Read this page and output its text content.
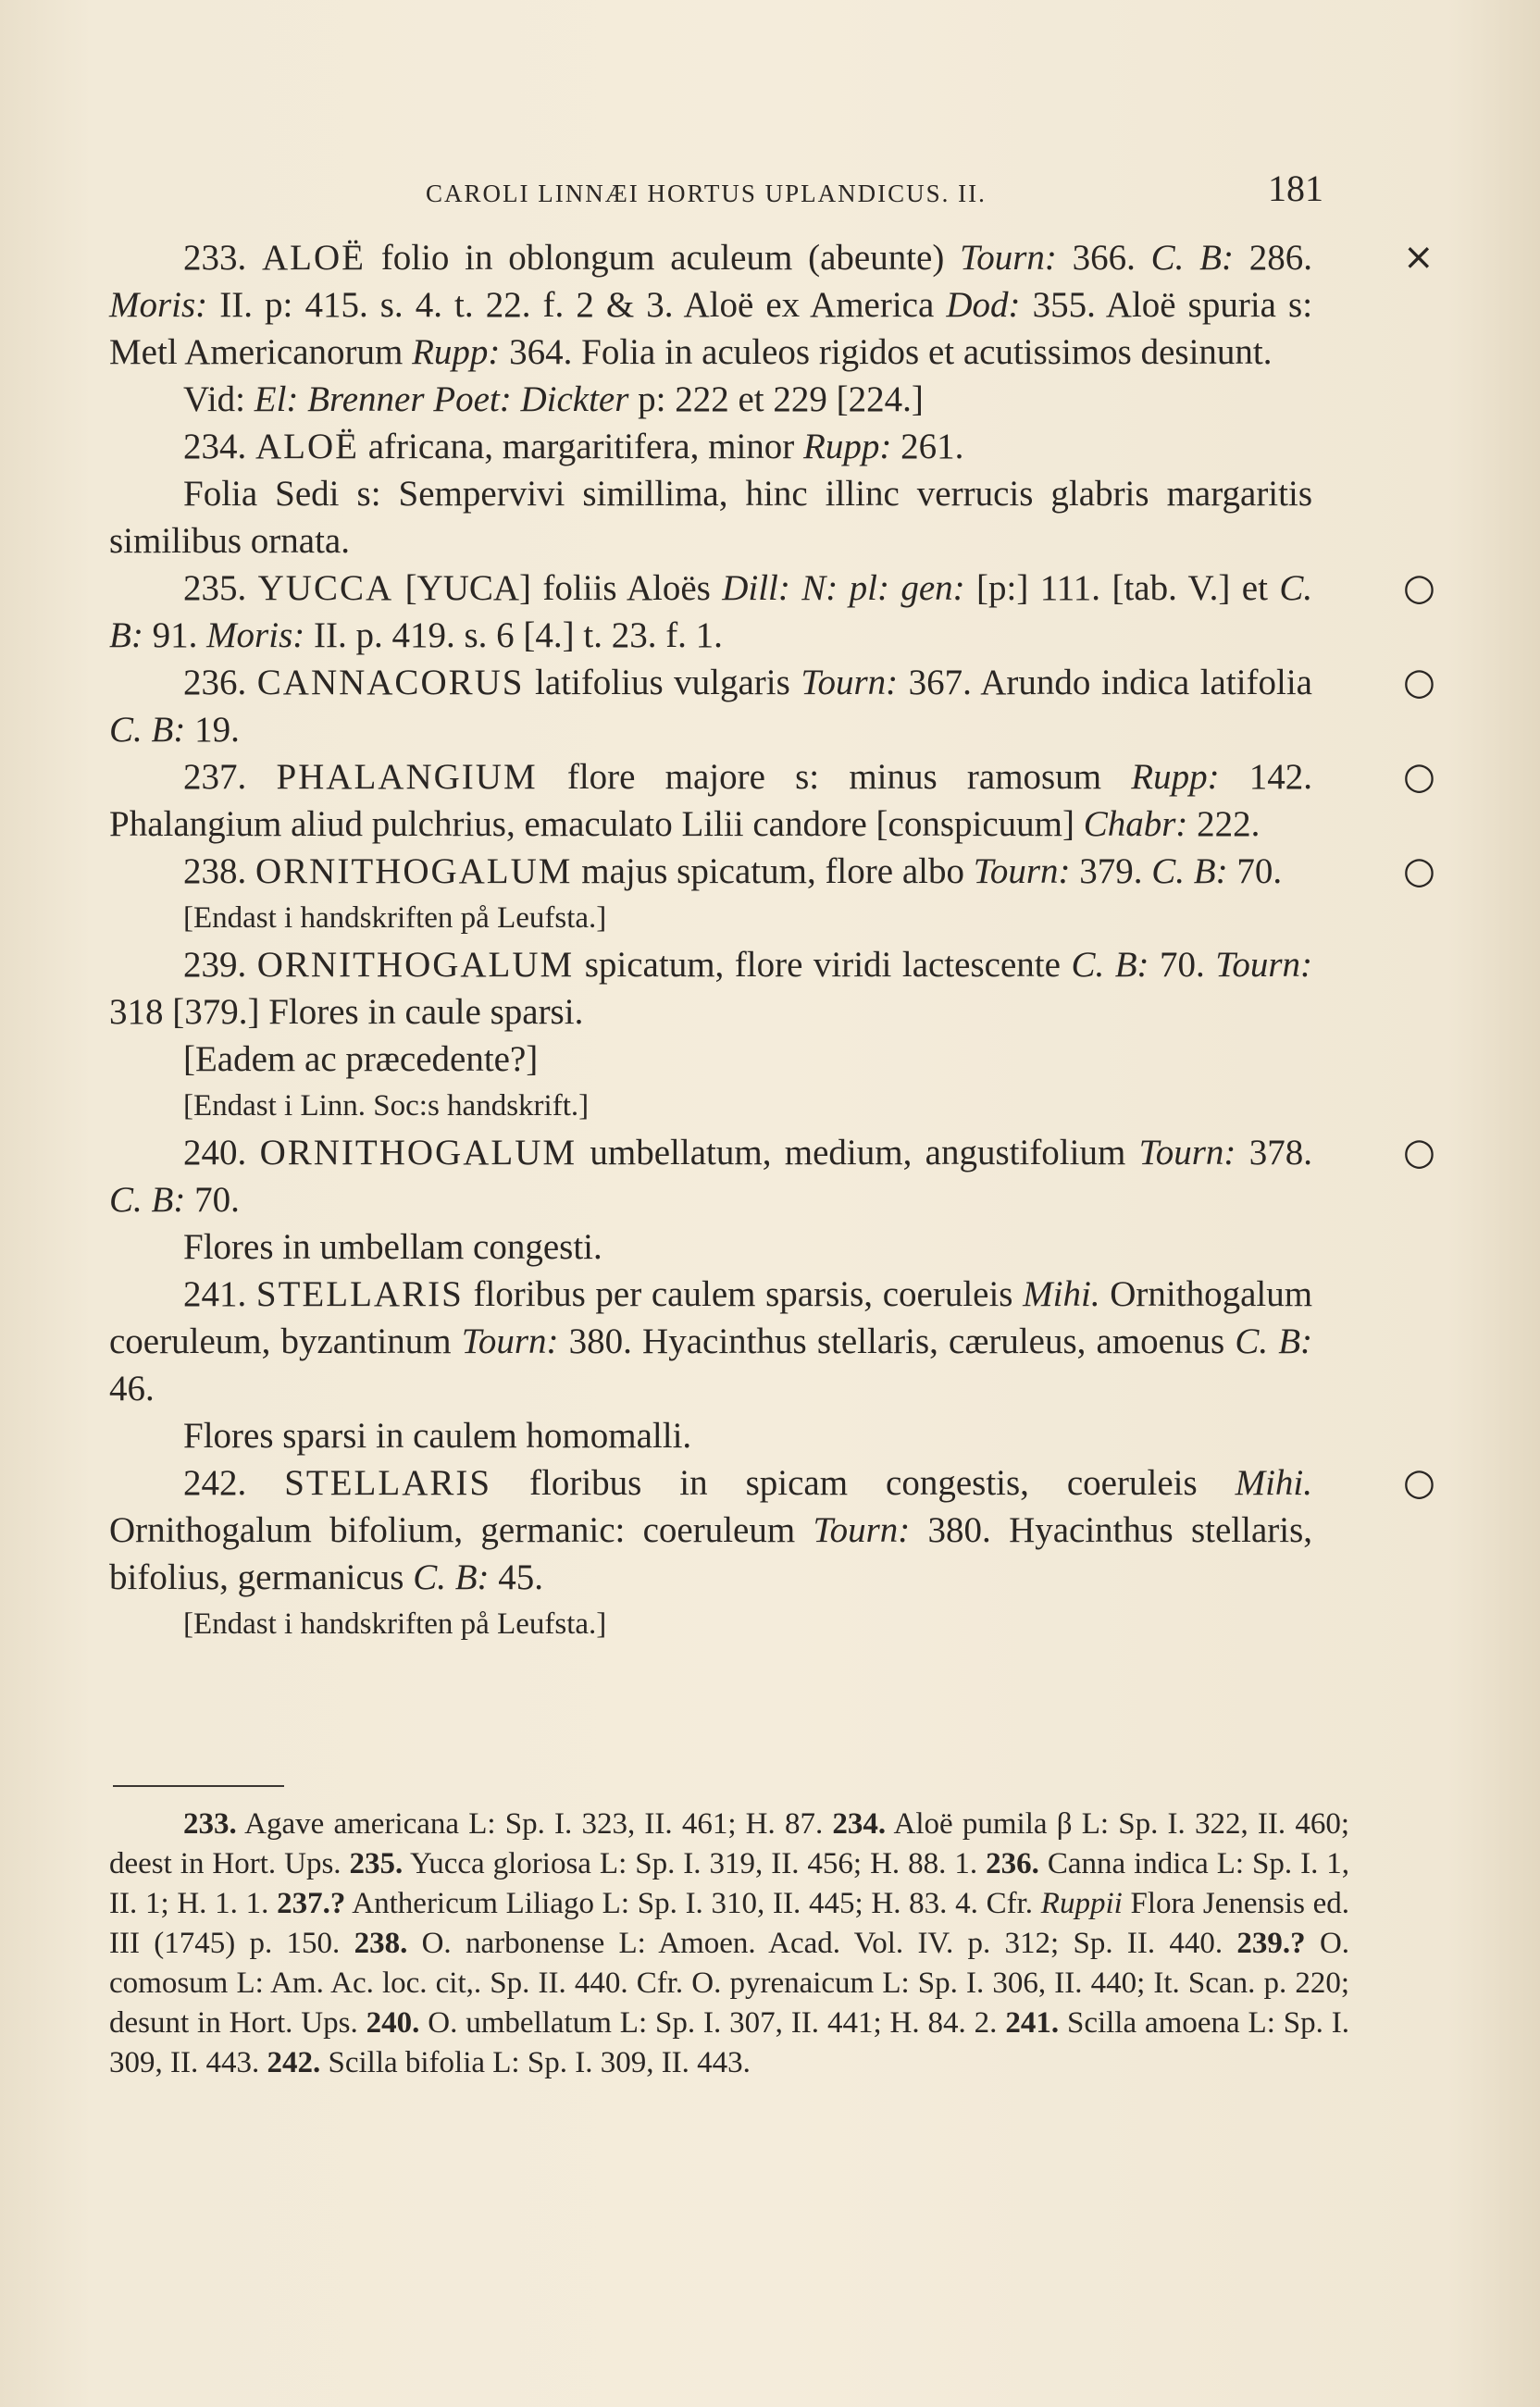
CAROLI LINNÆI HORTUS UPLANDICUS. II.	181

×
233. ALOË folio in oblongum aculeum (abeunte) Tourn: 366. C. B: 286. Moris: II. p: 415. s. 4. t. 22. f. 2 & 3. Aloë ex America Dod: 355. Aloë spuria s: Metl Americanorum Rupp: 364. Folia in aculeos rigidos et acutissimos desinunt.

Vid: El: Brenner Poet: Dickter p: 222 et 229 [224.]

234. ALOË africana, margaritifera, minor Rupp: 261.

Folia Sedi s: Sempervivi simillima, hinc illinc verrucis glabris margaritis similibus ornata.

○
235. YUCCA [YUCA] foliis Aloës Dill: N: pl: gen: [p:] 111. [tab. V.] et C. B: 91. Moris: II. p. 419. s. 6 [4.] t. 23. f. 1.

○
236. CANNACORUS latifolius vulgaris Tourn: 367. Arundo indica latifolia C. B: 19.

○
237. PHALANGIUM flore majore s: minus ramosum Rupp: 142. Phalangium aliud pulchrius, emaculato Lilii candore [conspicuum] Chabr: 222.

○
238. ORNITHOGALUM majus spicatum, flore albo Tourn: 379. C. B: 70.

[Endast i handskriften på Leufsta.]

239. ORNITHOGALUM spicatum, flore viridi lactescente C. B: 70. Tourn: 318 [379.] Flores in caule sparsi.

[Eadem ac præcedente?]

[Endast i Linn. Soc:s handskrift.]

○
240. ORNITHOGALUM umbellatum, medium, angustifolium Tourn: 378. C. B: 70.

Flores in umbellam congesti.

241. STELLARIS floribus per caulem sparsis, coeruleis Mihi. Ornithogalum coeruleum, byzantinum Tourn: 380. Hyacinthus stellaris, cæruleus, amoenus C. B: 46.

Flores sparsi in caulem homomalli.

○
242. STELLARIS floribus in spicam congestis, coeruleis Mihi. Ornithogalum bifolium, germanic: coeruleum Tourn: 380. Hyacinthus stellaris, bifolius, germanicus C. B: 45.

[Endast i handskriften på Leufsta.]

233. Agave americana L: Sp. I. 323, II. 461; H. 87. 234. Aloë pumila β L: Sp. I. 322, II. 460; deest in Hort. Ups. 235. Yucca gloriosa L: Sp. I. 319, II. 456; H. 88. 1. 236. Canna indica L: Sp. I. 1, II. 1; H. 1. 1. 237.? Anthericum Liliago L: Sp. I. 310, II. 445; H. 83. 4. Cfr. Ruppii Flora Jenensis ed. III (1745) p. 150. 238. O. narbonense L: Amoen. Acad. Vol. IV. p. 312; Sp. II. 440. 239.? O. comosum L: Am. Ac. loc. cit,. Sp. II. 440. Cfr. O. pyrenaicum L: Sp. I. 306, II. 440; It. Scan. p. 220; desunt in Hort. Ups. 240. O. umbellatum L: Sp. I. 307, II. 441; H. 84. 2. 241. Scilla amoena L: Sp. I. 309, II. 443. 242. Scilla bifolia L: Sp. I. 309, II. 443.
